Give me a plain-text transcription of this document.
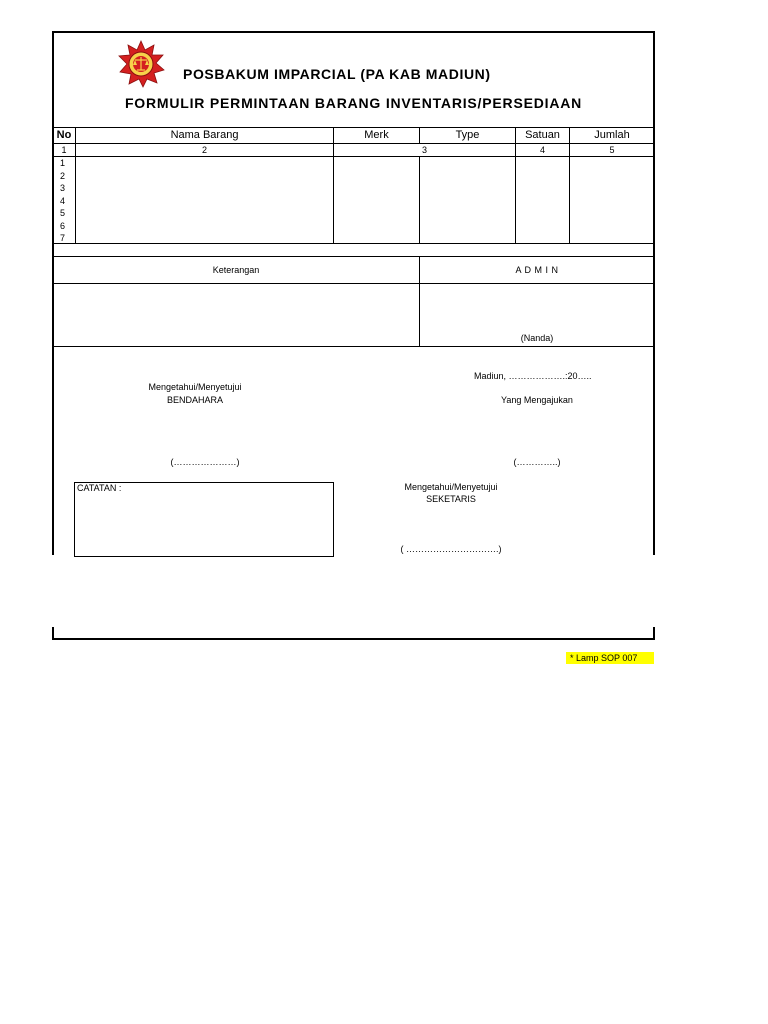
POSBAKUM IMPARCIAL (PA KAB MADIUN)
FORMULIR PERMINTAAN BARANG INVENTARIS/PERSEDIAAN
No	Nama Barang	Merk	Type	Satuan	Jumlah
1	2	3	4	5
1
2
3
4
5
6
7
Keterangan	A D M I N
(Nanda)
Madiun, ……………….:20…..
Mengetahui/Menyetujui
BENDAHARA	Yang Mengajukan
(…………………)	(…………..)
CATATAN :	Mengetahui/Menyetujui
SEKETARIS
( ………………………….)
* Lamp SOP 007
